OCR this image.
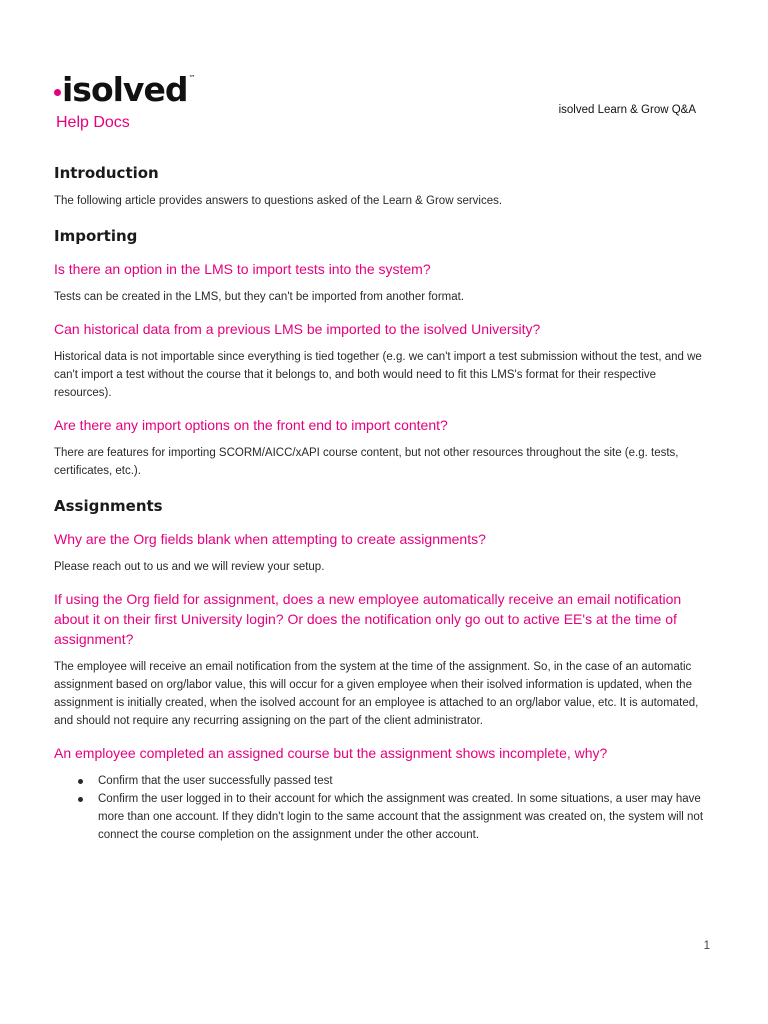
isolved ™
Help Docs
isolved Learn & Grow Q&A
Introduction

The following article provides answers to questions asked of the Learn & Grow services.

Importing

Is there an option in the LMS to import tests into the system?

Tests can be created in the LMS, but they can't be imported from another format.

Can historical data from a previous LMS be imported to the isolved University?

Historical data is not importable since everything is tied together (e.g. we can't import a test submission without the test, and we can't import a test without the course that it belongs to, and both would need to fit this LMS's format for their respective resources).

Are there any import options on the front end to import content?

There are features for importing SCORM/AICC/xAPI course content, but not other resources throughout the site (e.g. tests, certificates, etc.).

Assignments

Why are the Org fields blank when attempting to create assignments?

Please reach out to us and we will review your setup.

If using the Org field for assignment, does a new employee automatically receive an email notification about it on their first University login? Or does the notification only go out to active EE's at the time of assignment?

The employee will receive an email notification from the system at the time of the assignment. So, in the case of an automatic assignment based on org/labor value, this will occur for a given employee when their isolved information is updated, when the assignment is initially created, when the isolved account for an employee is attached to an org/labor value, etc. It is automated, and should not require any recurring assigning on the part of the client administrator.

An employee completed an assigned course but the assignment shows incomplete, why?

Confirm that the user successfully passed test
Confirm the user logged in to their account for which the assignment was created. In some situations, a user may have more than one account. If they didn't login to the same account that the assignment was created on, the system will not connect the course completion on the assignment under the other account.
1
